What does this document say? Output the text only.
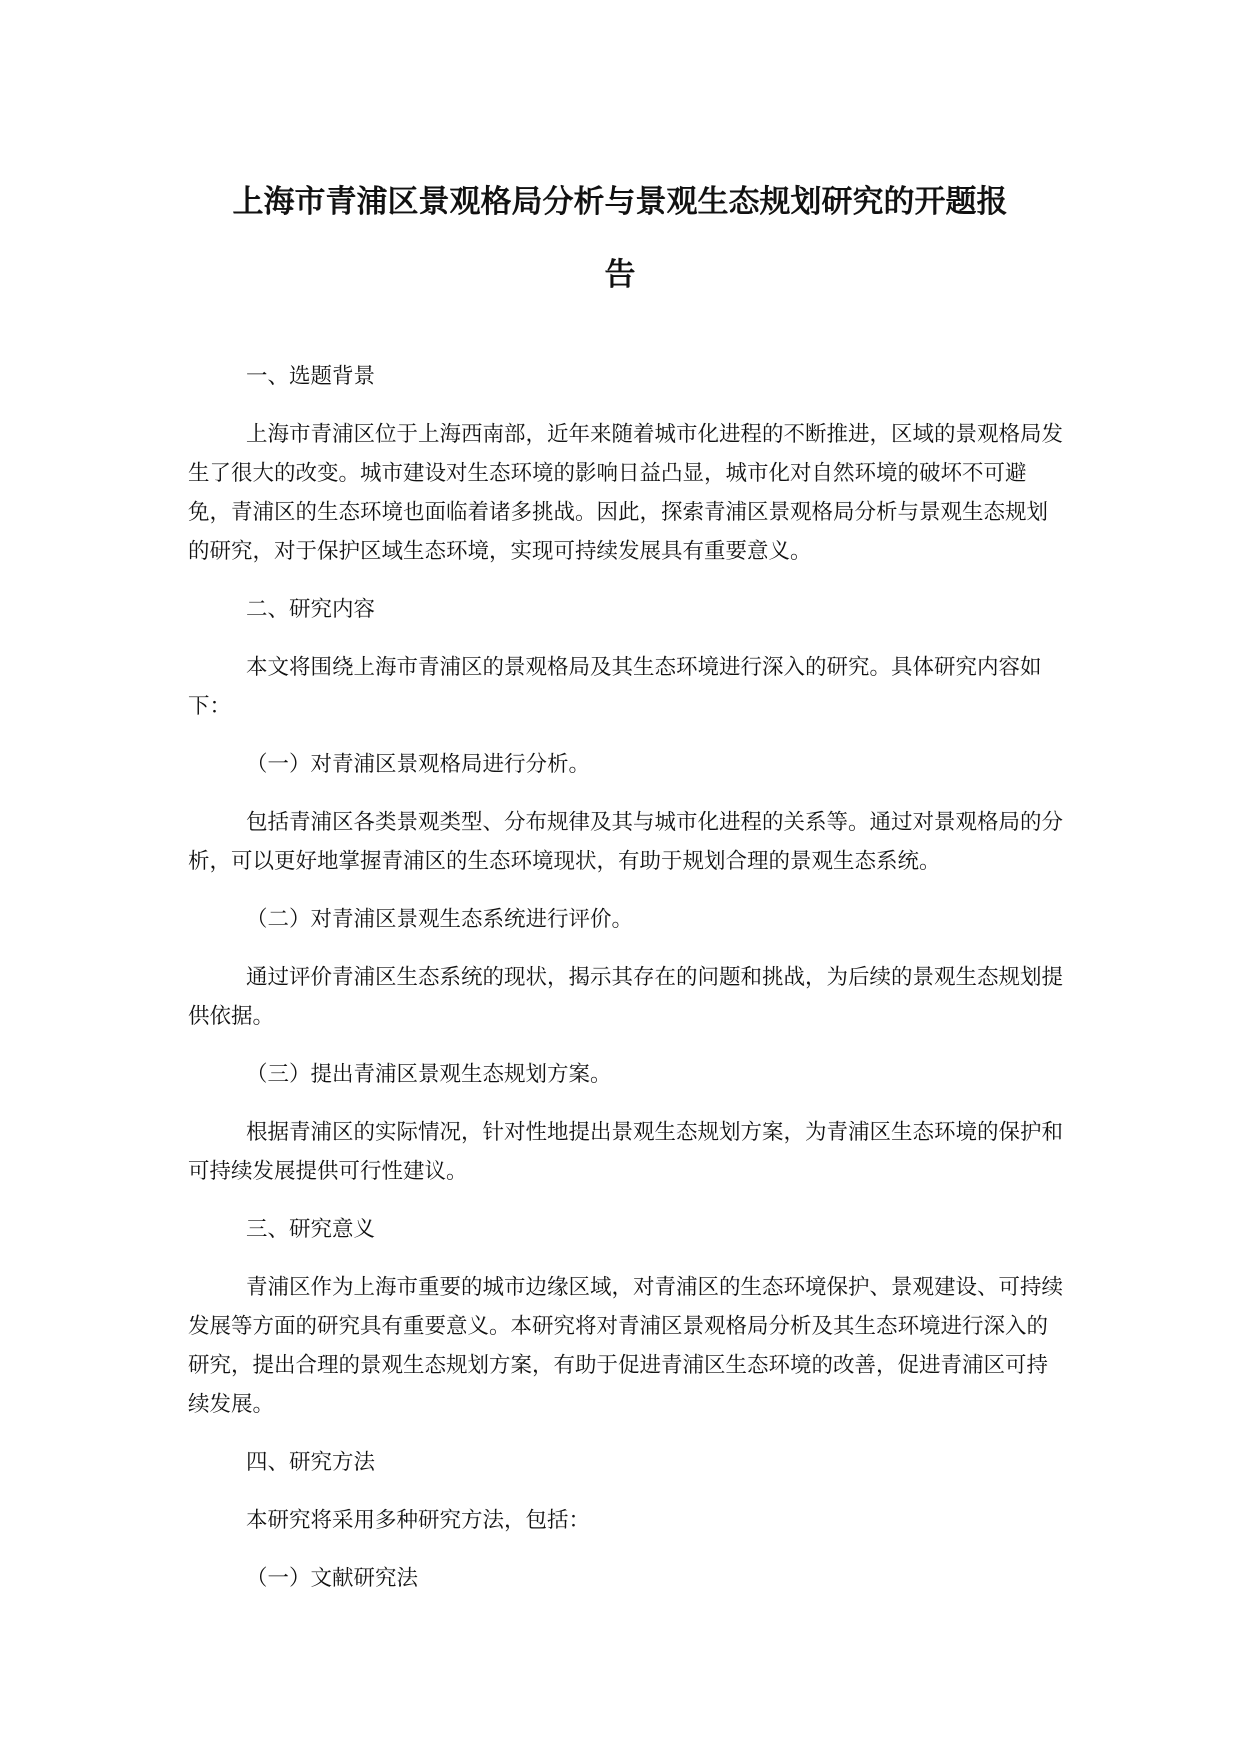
上海市青浦区景观格局分析与景观生态规划研究的开题报
告

一、选题背景

上海市青浦区位于上海西南部，近年来随着城市化进程的不断推进，区域的景观格局发生了很大的改变。城市建设对生态环境的影响日益凸显，城市化对自然环境的破坏不可避免，青浦区的生态环境也面临着诸多挑战。因此，探索青浦区景观格局分析与景观生态规划的研究，对于保护区域生态环境，实现可持续发展具有重要意义。

二、研究内容

本文将围绕上海市青浦区的景观格局及其生态环境进行深入的研究。具体研究内容如下：

（一）对青浦区景观格局进行分析。

包括青浦区各类景观类型、分布规律及其与城市化进程的关系等。通过对景观格局的分析，可以更好地掌握青浦区的生态环境现状，有助于规划合理的景观生态系统。

（二）对青浦区景观生态系统进行评价。

通过评价青浦区生态系统的现状，揭示其存在的问题和挑战，为后续的景观生态规划提供依据。

（三）提出青浦区景观生态规划方案。

根据青浦区的实际情况，针对性地提出景观生态规划方案，为青浦区生态环境的保护和可持续发展提供可行性建议。

三、研究意义

青浦区作为上海市重要的城市边缘区域，对青浦区的生态环境保护、景观建设、可持续发展等方面的研究具有重要意义。本研究将对青浦区景观格局分析及其生态环境进行深入的研究，提出合理的景观生态规划方案，有助于促进青浦区生态环境的改善，促进青浦区可持续发展。

四、研究方法

本研究将采用多种研究方法，包括：

（一）文献研究法
